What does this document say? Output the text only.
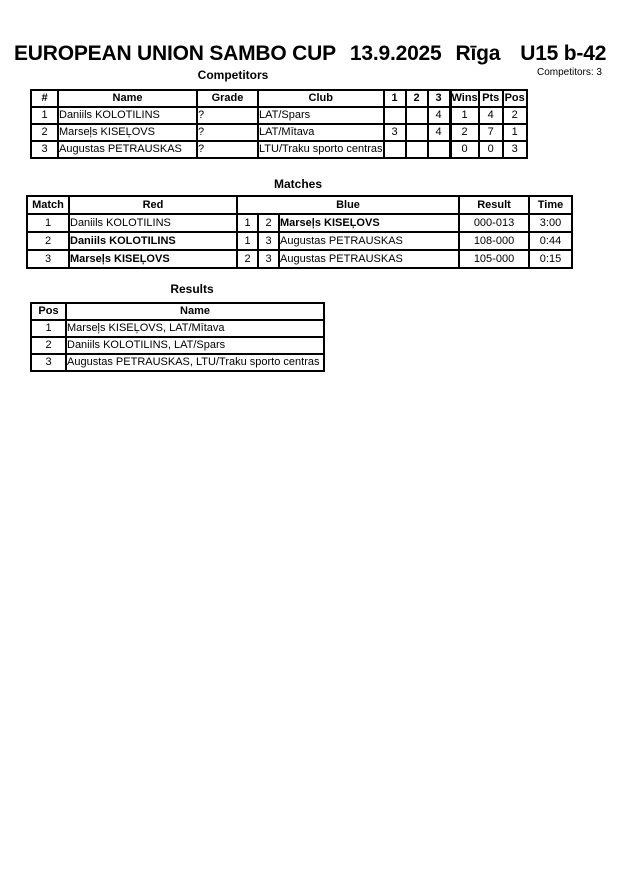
EUROPEAN UNION SAMBO CUP 13.9.2025 Rīga U15 b-42
Competitors: 3
Competitors
#	Name	Grade	Club	1	2	3	Wins	Pts	Pos
1	Daniils KOLOTILINS	?	LAT/Spars			4	1	4	2
2	Marseļs KISEĻOVS	?	LAT/Mītava	3		4	2	7	1
3	Augustas PETRAUSKAS	?	LTU/Traku sporto centras				0	0	3
Matches
Match	Red	Blue			Result	Time
1	Daniils KOLOTILINS	1	2	Marseļs KISEĻOVS	000-013	3:00
2	Daniils KOLOTILINS	1	3	Augustas PETRAUSKAS	108-000	0:44
3	Marseļs KISEĻOVS	2	3	Augustas PETRAUSKAS	105-000	0:15
Results
Pos	Name
1	Marseļs KISEĻOVS, LAT/Mītava
2	Daniils KOLOTILINS, LAT/Spars
3	Augustas PETRAUSKAS, LTU/Traku sporto centras
